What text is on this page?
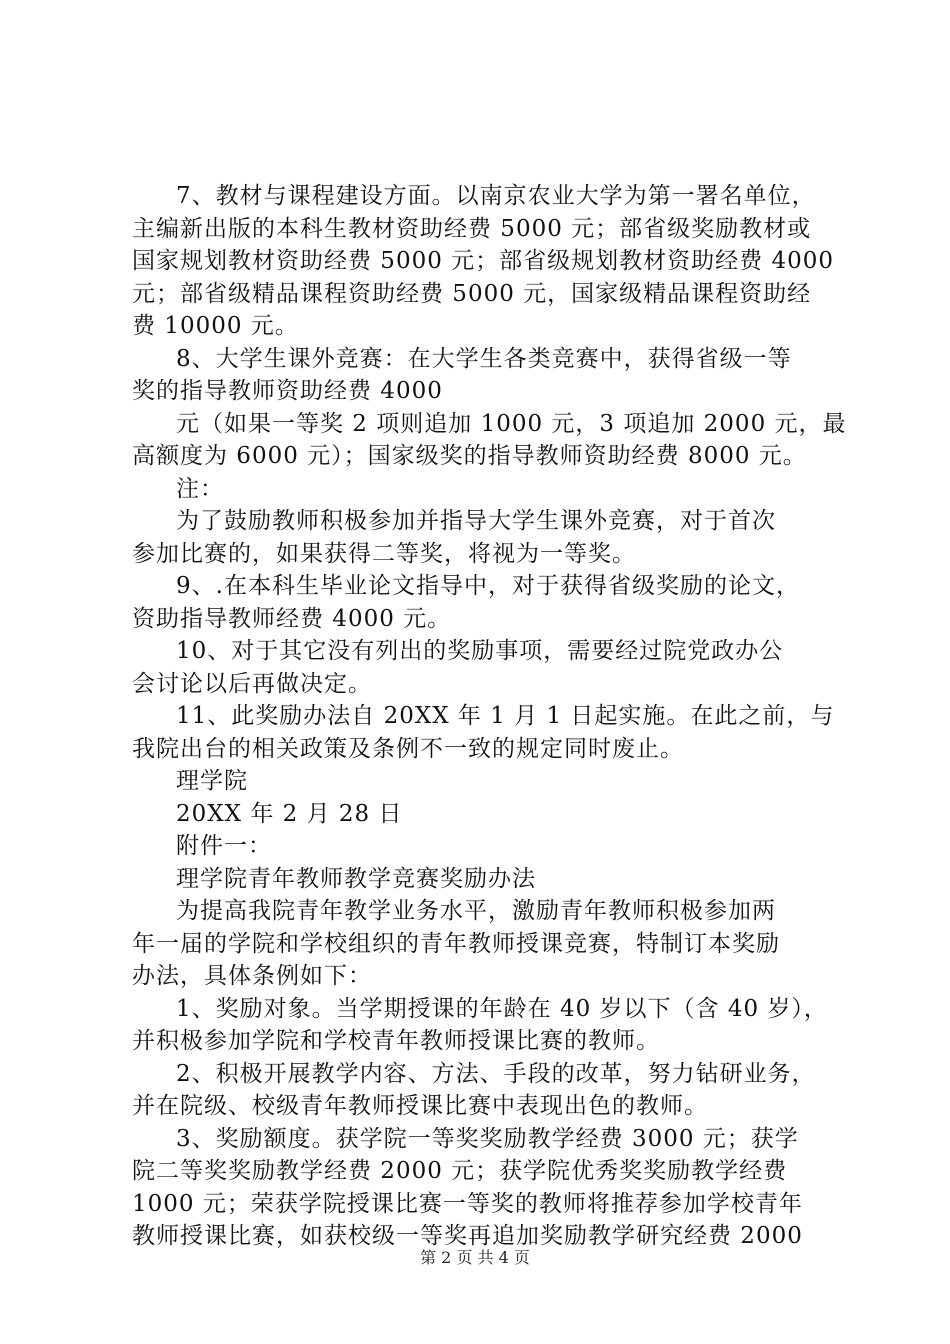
7、教材与课程建设方面。以南京农业大学为第一署名单位，

主编新出版的本科生教材资助经费 5000 元；部省级奖励教材或

国家规划教材资助经费 5000 元；部省级规划教材资助经费 4000

元；部省级精品课程资助经费 5000 元，国家级精品课程资助经

费 10000 元。

8、大学生课外竞赛：在大学生各类竞赛中，获得省级一等

奖的指导教师资助经费 4000

元（如果一等奖 2 项则追加 1000 元，3 项追加 2000 元，最

高额度为 6000 元）；国家级奖的指导教师资助经费 8000 元。

注：

为了鼓励教师积极参加并指导大学生课外竞赛，对于首次

参加比赛的，如果获得二等奖，将视为一等奖。

9、.在本科生毕业论文指导中，对于获得省级奖励的论文，

资助指导教师经费 4000 元。

10、对于其它没有列出的奖励事项，需要经过院党政办公

会讨论以后再做决定。

11、此奖励办法自 20XX 年 1 月 1 日起实施。在此之前，与

我院出台的相关政策及条例不一致的规定同时废止。

理学院

20XX 年 2 月 28 日

附件一：

理学院青年教师教学竞赛奖励办法

为提高我院青年教学业务水平，激励青年教师积极参加两

年一届的学院和学校组织的青年教师授课竞赛，特制订本奖励

办法，具体条例如下：

1、奖励对象。当学期授课的年龄在 40 岁以下（含 40 岁），

并积极参加学院和学校青年教师授课比赛的教师。

2、积极开展教学内容、方法、手段的改革，努力钻研业务，

并在院级、校级青年教师授课比赛中表现出色的教师。

3、奖励额度。获学院一等奖奖励教学经费 3000 元；获学

院二等奖奖励教学经费 2000 元；获学院优秀奖奖励教学经费

1000 元；荣获学院授课比赛一等奖的教师将推荐参加学校青年

教师授课比赛，如获校级一等奖再追加奖励教学研究经费 2000

第 2 页 共 4 页
